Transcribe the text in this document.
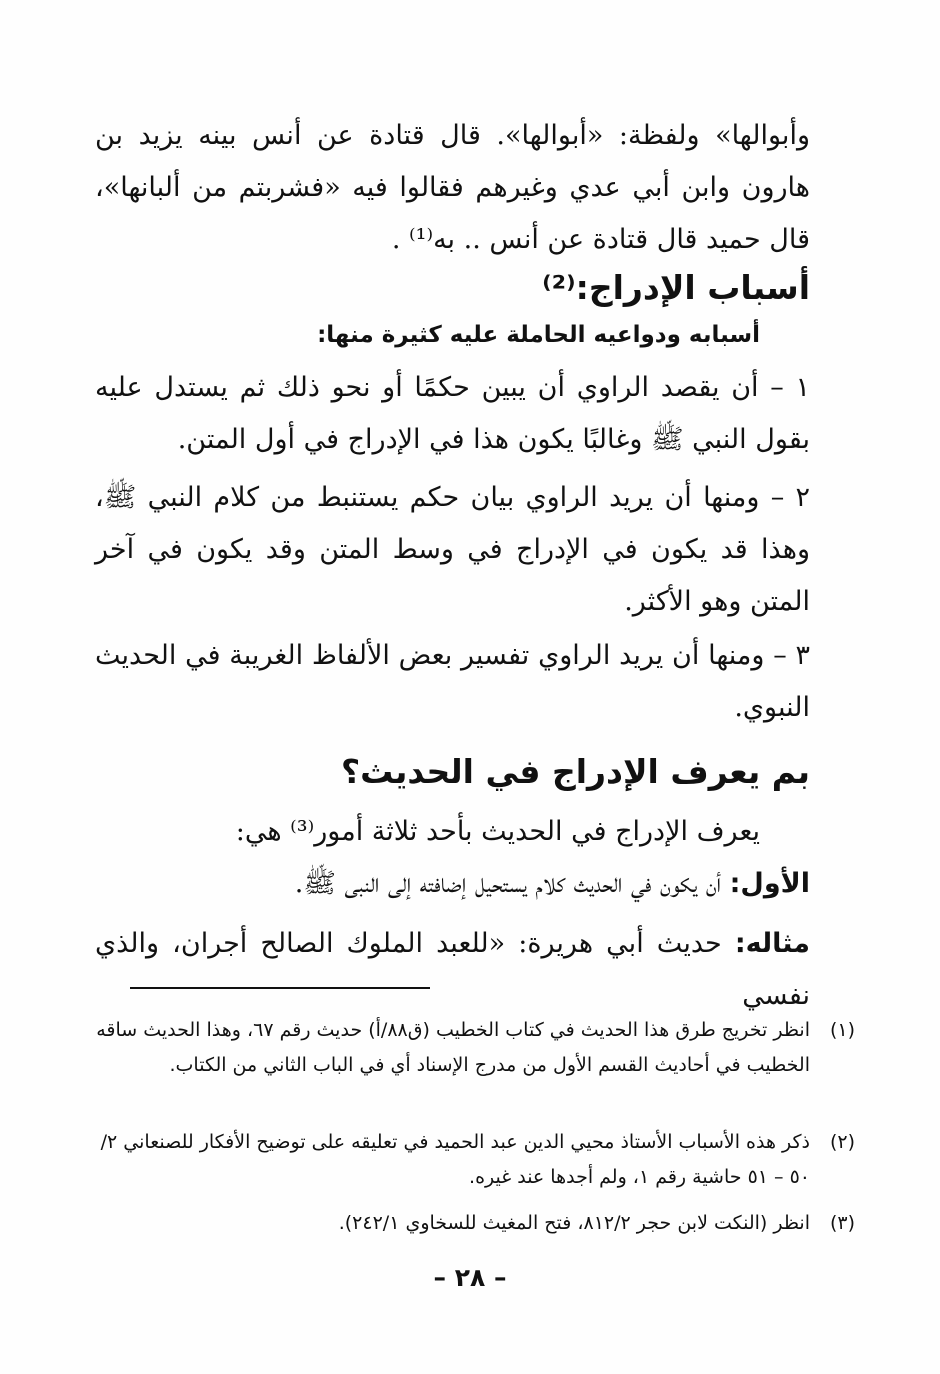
وأبوالها» ولفظة: «أبوالها». قال قتادة عن أنس بينه يزيد بن هارون وابن أبي عدي وغيرهم فقالوا فيه «فشربتم من ألبانها»، قال حميد قال قتادة عن أنس .. به⁽¹⁾ .
أسباب الإدراج:⁽²⁾
أسبابه ودواعيه الحاملة عليه كثيرة منها:
١ – أن يقصد الراوي أن يبين حكمًا أو نحو ذلك ثم يستدل عليه بقول النبي ﷺ وغالبًا يكون هذا في الإدراج في أول المتن.
٢ – ومنها أن يريد الراوي بيان حكم يستنبط من كلام النبي ﷺ، وهذا قد يكون في الإدراج في وسط المتن وقد يكون في آخر المتن وهو الأكثر.
٣ – ومنها أن يريد الراوي تفسير بعض الألفاظ الغريبة في الحديث النبوي.
بم يعرف الإدراج في الحديث؟
يعرف الإدراج في الحديث بأحد ثلاثة أمور⁽³⁾ هي:
الأول: أن يكون في الحديث كلام يستحيل إضافته إلى النبى ﷺ.
مثاله: حديث أبي هريرة: «للعبد الملوك الصالح أجران، والذي نفسي
(١)
انظر تخريج طرق هذا الحديث في كتاب الخطيب (ق٨٨/أ) حديث رقم ٦٧، وهذا الحديث ساقه الخطيب في أحاديث القسم الأول من مدرج الإسناد أي في الباب الثاني من الكتاب.
(٢)
ذكر هذه الأسباب الأستاذ محيي الدين عبد الحميد في تعليقه على توضيح الأفكار للصنعاني ٢/ ٥٠ – ٥١ حاشية رقم ١، ولم أجدها عند غيره.
(٣)
انظر (النكت لابن حجر ٨١٢/٢، فتح المغيث للسخاوي ٢٤٢/١).
– ٢٨ –
